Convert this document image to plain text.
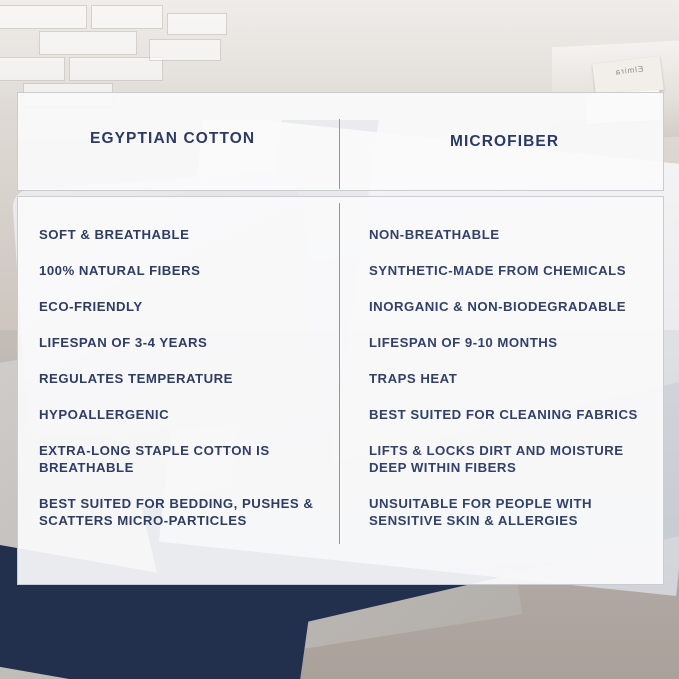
Elmira
EGYPTIAN COTTON	MICROFIBER
SOFT & BREATHABLE
100% NATURAL FIBERS
ECO-FRIENDLY
LIFESPAN OF 3-4 YEARS
REGULATES TEMPERATURE
HYPOALLERGENIC
EXTRA-LONG STAPLE COTTON IS BREATHABLE
BEST SUITED FOR BEDDING, PUSHES & SCATTERS MICRO-PARTICLES
NON-BREATHABLE
SYNTHETIC-MADE FROM CHEMICALS
INORGANIC & NON-BIODEGRADABLE
LIFESPAN OF 9-10 MONTHS
TRAPS HEAT
BEST SUITED FOR CLEANING FABRICS
LIFTS & LOCKS DIRT AND MOISTURE DEEP WITHIN FIBERS
UNSUITABLE FOR PEOPLE WITH SENSITIVE SKIN & ALLERGIES
